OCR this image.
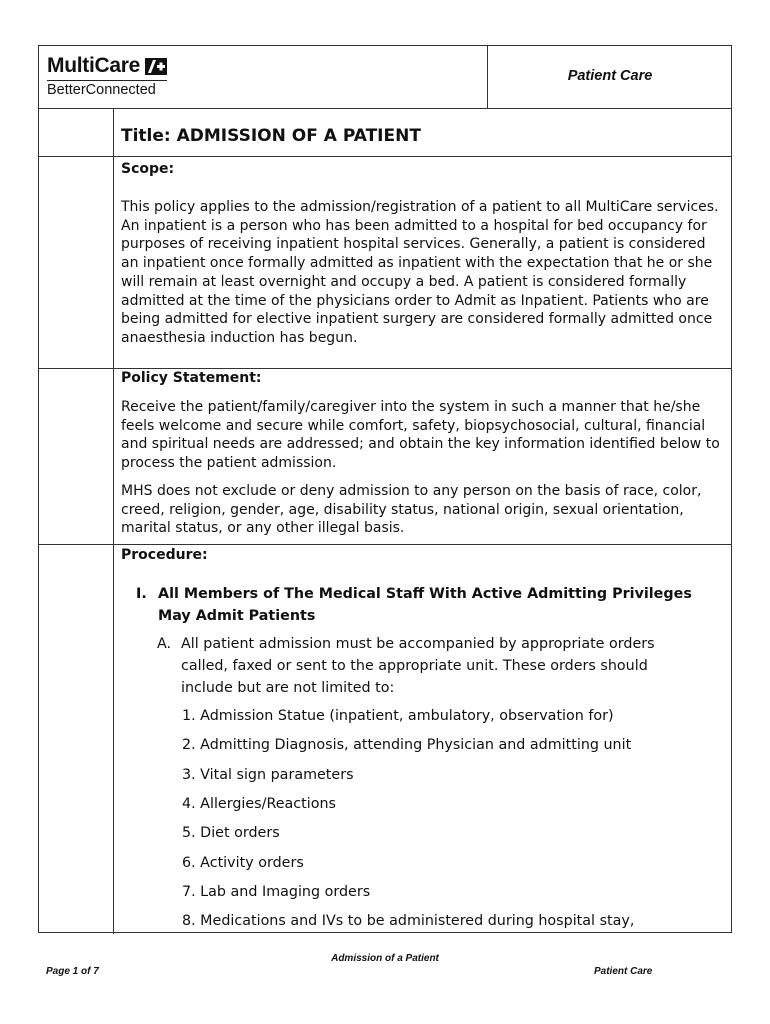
MultiCare
BetterConnected
Patient Care
Title: ADMISSION OF A PATIENT
Scope:

This policy applies to the admission/registration of a patient to all MultiCare services. An inpatient is a person who has been admitted to a hospital for bed occupancy for purposes of receiving inpatient hospital services. Generally, a patient is considered an inpatient once formally admitted as inpatient with the expectation that he or she will remain at least overnight and occupy a bed. A patient is considered formally admitted at the time of the physicians order to Admit as Inpatient. Patients who are being admitted for elective inpatient surgery are considered formally admitted once anaesthesia induction has begun.

Policy Statement:

Receive the patient/family/caregiver into the system in such a manner that he/she feels welcome and secure while comfort, safety, biopsychosocial, cultural, financial and spiritual needs are addressed; and obtain the key information identified below to process the patient admission.

MHS does not exclude or deny admission to any person on the basis of race, color, creed, religion, gender, age, disability status, national origin, sexual orientation, marital status, or any other illegal basis.

Procedure:
I. All Members of The Medical Staff With Active Admitting Privileges May Admit Patients
A. All patient admission must be accompanied by appropriate orders called, faxed or sent to the appropriate unit. These orders should include but are not limited to:
1. Admission Statue (inpatient, ambulatory, observation for)
2. Admitting Diagnosis, attending Physician and admitting unit
3. Vital sign parameters
4. Allergies/Reactions
5. Diet orders
6. Activity orders
7. Lab and Imaging orders
8. Medications and IVs to be administered during hospital stay,
Admission of a Patient
Page 1 of 7	Patient Care
